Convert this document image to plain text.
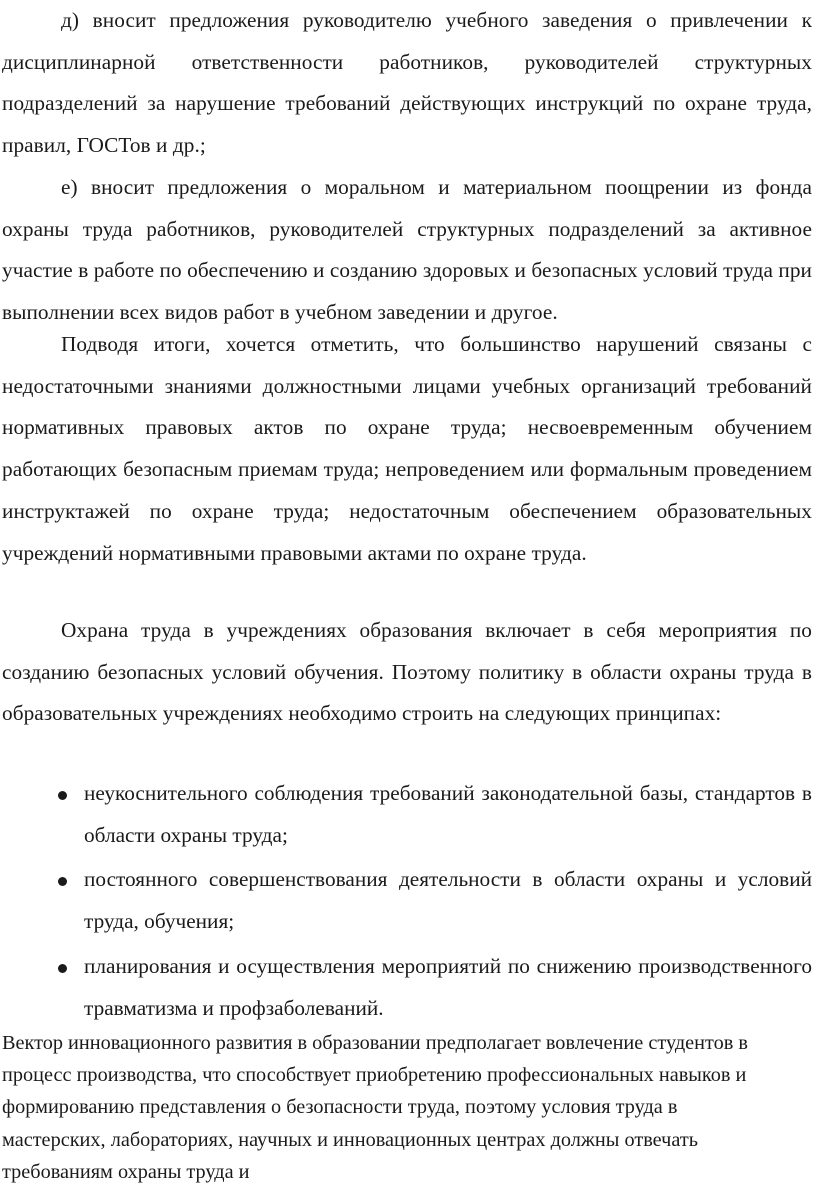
д) вносит предложения руководителю учебного заведения о привлечении к дисциплинарной ответственности работников, руководителей структурных подразделений за нарушение требований действующих инструкций по охране труда, правил, ГОСТов и др.;

е) вносит предложения о моральном и материальном поощрении из фонда охраны труда работников, руководителей структурных подразделений за активное участие в работе по обеспечению и созданию здоровых и безопасных условий труда при выполнении всех видов работ в учебном заведении и другое.

Подводя итоги, хочется отметить, что большинство нарушений связаны с недостаточными знаниями должностными лицами учебных организаций требований нормативных правовых актов по охране труда; несвоевременным обучением работающих безопасным приемам труда; непроведением или формальным проведением инструктажей по охране труда; недостаточным обеспечением образовательных учреждений нормативными правовыми актами по охране труда.

Охрана труда в учреждениях образования включает в себя мероприятия по созданию безопасных условий обучения. Поэтому политику в области охраны труда в образовательных учреждениях необходимо строить на следующих принципах:

неукоснительного соблюдения требований законодательной базы, стандартов в области охраны труда;
постоянного совершенствования деятельности в области охраны и условий труда, обучения;
планирования и осуществления мероприятий по снижению производственного травматизма и профзаболеваний.

Вектор инновационного развития в образовании предполагает вовлечение студентов в процесс производства, что способствует приобретению профессиональных навыков и формированию представления о безопасности труда, поэтому условия труда в мастерских, лабораториях, научных и инновационных центрах должны отвечать требованиям охраны труда и
